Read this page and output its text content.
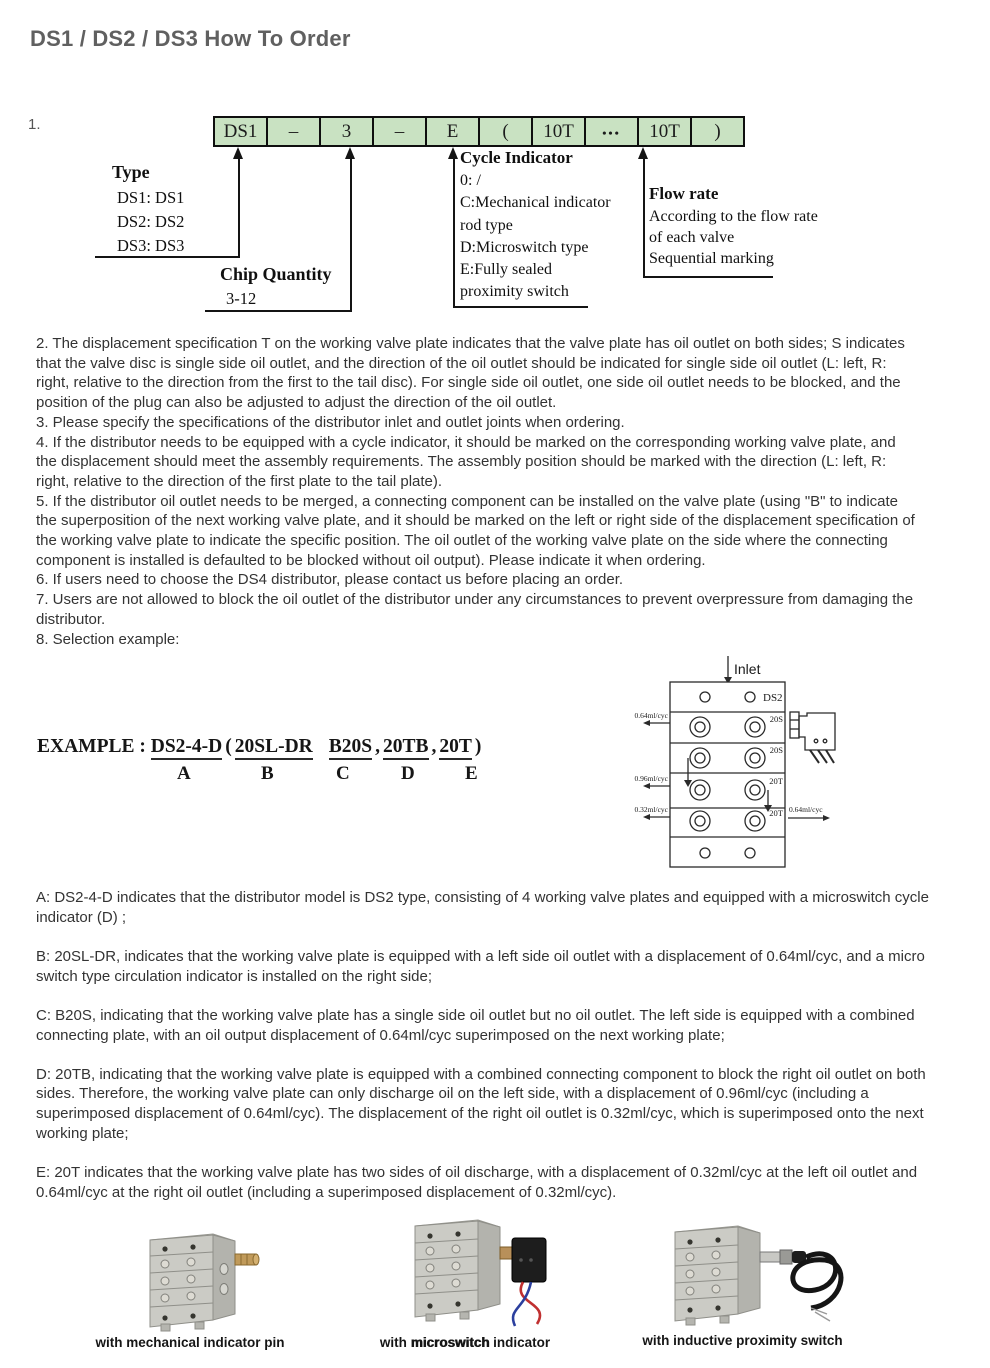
DS1 / DS2 / DS3 How To Order
1.	DS1	–	3	–	E	(	10T	•••	10T	)
Type
DS1: DS1
DS2: DS2
DS3: DS3
Chip Quantity
3-12
Cycle Indicator
0: /
C:Mechanical indicator
rod type
D:Microswitch type
E:Fully sealed
proximity switch
Flow rate
According to the flow rate
of each valve
Sequential marking

2. The displacement specification T on the working valve plate indicates that the valve plate has oil outlet on both sides; S indicates that the valve disc is single side oil outlet, and the direction of the oil outlet should be indicated for single side oil outlet (L: left, R: right, relative to the direction from the first to the tail disc). For single side oil outlet, one side oil outlet needs to be blocked, and the position of the plug can also be adjusted to adjust the direction of the oil outlet.

3. Please specify the specifications of the distributor inlet and outlet joints when ordering.

4. If the distributor needs to be equipped with a cycle indicator, it should be marked on the corresponding working valve plate, and the displacement should meet the assembly requirements. The assembly position should be marked with the direction (L: left, R: right, relative to the direction of the first plate to the tail plate).

5. If the distributor oil outlet needs to be merged, a connecting component can be installed on the valve plate (using "B" to indicate the superposition of the next working valve plate, and it should be marked on the left or right side of the displacement specification of the working valve plate to indicate the specific position. The oil outlet of the working valve plate on the side where the connecting component is installed is defaulted to be blocked without oil output). Please indicate it when ordering.

6. If users need to choose the DS4 distributor, please contact us before placing an order.

7. Users are not allowed to block the oil outlet of the distributor under any circumstances to prevent overpressure from damaging the distributor.

8. Selection example:

EXAMPLE : DS2-4-D ( 20SL-DR B20S , 20TB , 20T )
A	B	C	D	E
Inlet
DS2
20S
20S
20T
20T
0.64ml/cyc
0.96ml/cyc
0.32ml/cyc	0.64ml/cyc

A: DS2-4-D indicates that the distributor model is DS2 type, consisting of 4 working valve plates and equipped with a microswitch cycle indicator (D) ;

B: 20SL-DR, indicates that the working valve plate is equipped with a left side oil outlet with a displacement of 0.64ml/cyc, and a micro switch type circulation indicator is installed on the right side;

C: B20S, indicating that the working valve plate has a single side oil outlet but no oil outlet. The left side is equipped with a combined connecting plate, with an oil output displacement of 0.64ml/cyc superimposed on the next working plate;

D: 20TB, indicating that the working valve plate is equipped with a combined connecting component to block the right oil outlet on both sides. Therefore, the working valve plate can only discharge oil on the left side, with a displacement of 0.96ml/cyc (including a superimposed displacement of 0.64ml/cyc). The displacement of the right oil outlet is 0.32ml/cyc, which is superimposed onto the next working plate;

E: 20T indicates that the working valve plate has two sides of oil discharge, with a displacement of 0.32ml/cyc at the left oil outlet and 0.64ml/cyc at the right oil outlet (including a superimposed displacement of 0.32ml/cyc).

with mechanical indicator pin	with microswitch indicator	with inductive proximity switch
